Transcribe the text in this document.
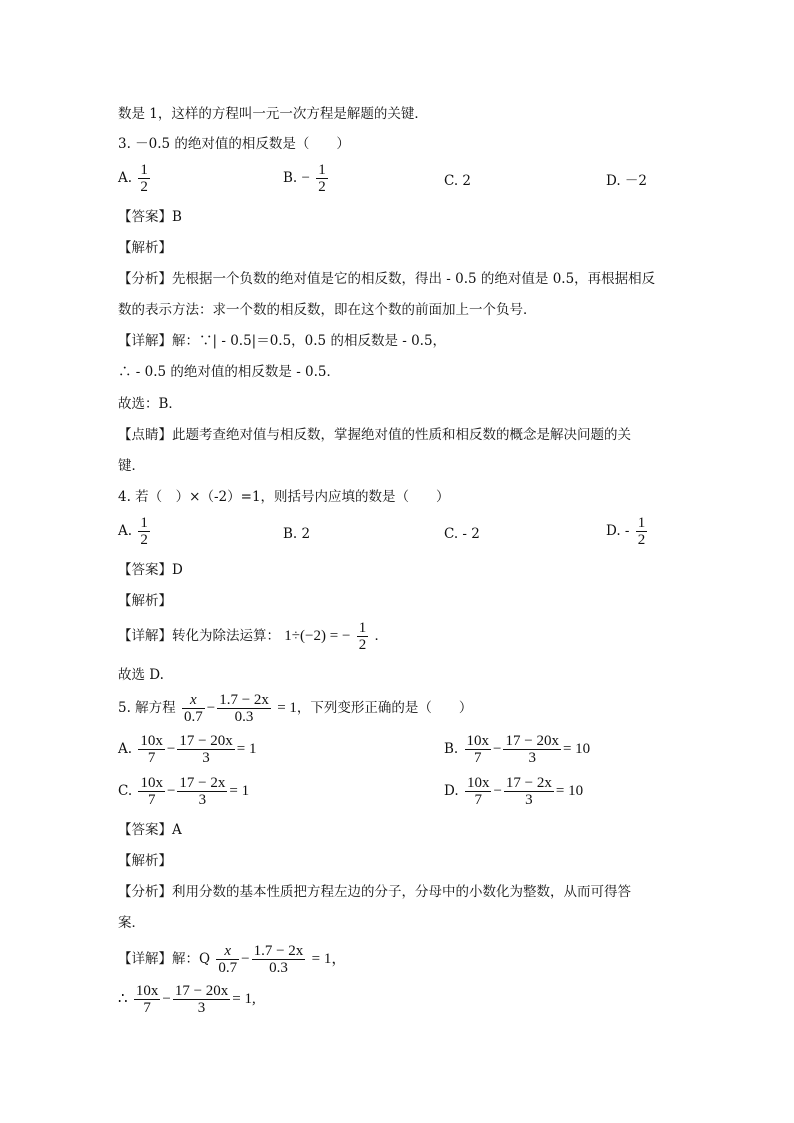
数是 1，这样的方程叫一元一次方程是解题的关键．
3. －0.5 的绝对值的相反数是（　　）
A. $\frac{1}{2}$	B. − $\frac{1}{2}$	C. 2	D. －2
【答案】B
【解析】
【分析】先根据一个负数的绝对值是它的相反数，得出 - 0.5 的绝对值是 0.5，再根据相反
数的表示方法：求一个数的相反数，即在这个数的前面加上一个负号．
【详解】解：∵| - 0.5|＝0.5，0.5 的相反数是 - 0.5，
∴ - 0.5 的绝对值的相反数是 - 0.5．
故选：B．
【点睛】此题考查绝对值与相反数，掌握绝对值的性质和相反数的概念是解决问题的关
键．
4. 若（　）×（-2）=1，则括号内应填的数是（　　）
A. $\frac{1}{2}$	B. 2	C. - 2	D. - $\frac{1}{2}$
【答案】D
【解析】
【详解】转化为除法运算： 1÷(−2) = − $\frac{1}{2}$ ．
故选 D.
5. 解方程 $\frac{x}{0.7} - \frac{1.7 - 2x}{0.3} = 1$，下列变形正确的是（　　）
A. $\frac{10x}{7} - \frac{17 - 20x}{3} = 1$	B. $\frac{10x}{7} - \frac{17 - 20x}{3} = 10$
C. $\frac{10x}{7} - \frac{17 - 2x}{3} = 1$	D. $\frac{10x}{7} - \frac{17 - 2x}{3} = 10$
【答案】A
【解析】
【分析】利用分数的基本性质把方程左边的分子，分母中的小数化为整数，从而可得答
案．
【详解】解：Q $\frac{x}{0.7} - \frac{1.7 - 2x}{0.3} = 1$，
∴ $\frac{10x}{7} - \frac{17 - 20x}{3} = 1$,
